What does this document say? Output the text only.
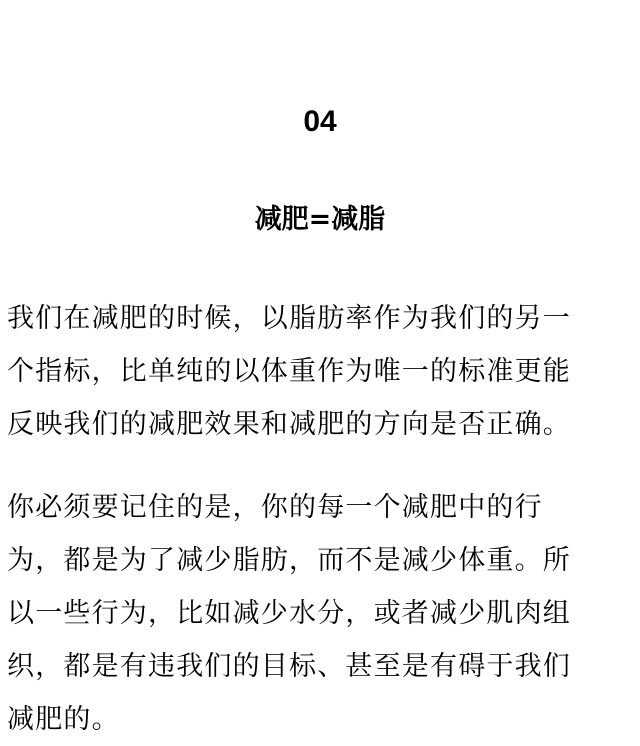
04
减肥=减脂
我们在减肥的时候，以脂肪率作为我们的另一
个指标，比单纯的以体重作为唯一的标准更能
反映我们的减肥效果和减肥的方向是否正确。
你必须要记住的是，你的每一个减肥中的行
为，都是为了减少脂肪，而不是减少体重。所
以一些行为，比如减少水分，或者减少肌肉组
织，都是有违我们的目标、甚至是有碍于我们
减肥的。
